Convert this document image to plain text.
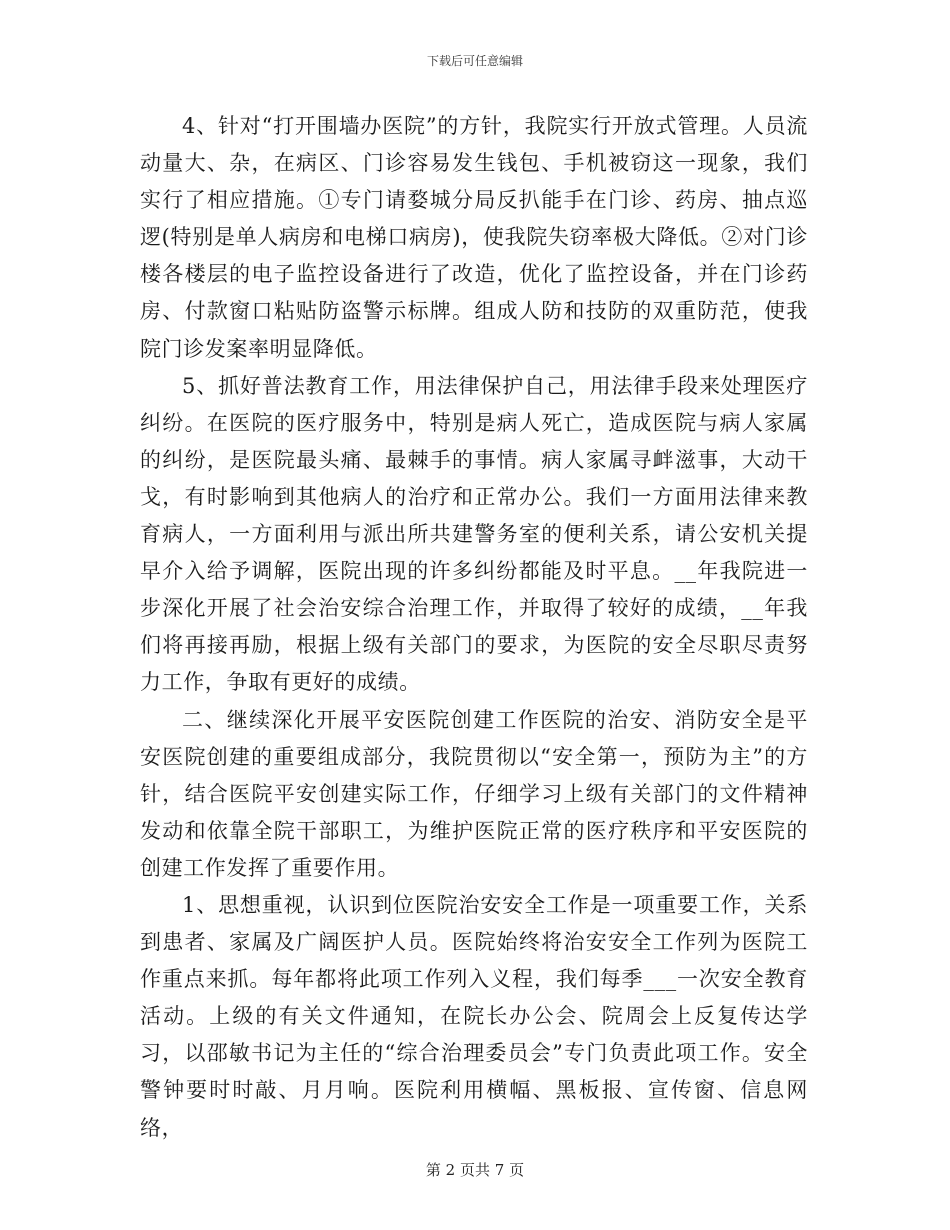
下载后可任意编辑

4、针对“打开围墙办医院”的方针，我院实行开放式管理。人员流动量大、杂，在病区、门诊容易发生钱包、手机被窃这一现象，我们实行了相应措施。①专门请婺城分局反扒能手在门诊、药房、抽点巡逻(特别是单人病房和电梯口病房)，使我院失窃率极大降低。②对门诊楼各楼层的电子监控设备进行了改造，优化了监控设备，并在门诊药房、付款窗口粘贴防盗警示标牌。组成人防和技防的双重防范，使我院门诊发案率明显降低。

5、抓好普法教育工作，用法律保护自己，用法律手段来处理医疗纠纷。在医院的医疗服务中，特别是病人死亡，造成医院与病人家属的纠纷，是医院最头痛、最棘手的事情。病人家属寻衅滋事，大动干戈，有时影响到其他病人的治疗和正常办公。我们一方面用法律来教育病人，一方面利用与派出所共建警务室的便利关系，请公安机关提早介入给予调解，医院出现的许多纠纷都能及时平息。__年我院进一步深化开展了社会治安综合治理工作，并取得了较好的成绩，__年我们将再接再励，根据上级有关部门的要求，为医院的安全尽职尽责努力工作，争取有更好的成绩。

二、继续深化开展平安医院创建工作医院的治安、消防安全是平安医院创建的重要组成部分，我院贯彻以“安全第一，预防为主”的方针，结合医院平安创建实际工作，仔细学习上级有关部门的文件精神发动和依靠全院干部职工，为维护医院正常的医疗秩序和平安医院的创建工作发挥了重要作用。

1、思想重视，认识到位医院治安安全工作是一项重要工作，关系到患者、家属及广阔医护人员。医院始终将治安安全工作列为医院工作重点来抓。每年都将此项工作列入义程，我们每季___一次安全教育活动。上级的有关文件通知，在院长办公会、院周会上反复传达学习，以邵敏书记为主任的“综合治理委员会”专门负责此项工作。安全警钟要时时敲、月月响。医院利用横幅、黑板报、宣传窗、信息网络，

第 2 页共 7 页
